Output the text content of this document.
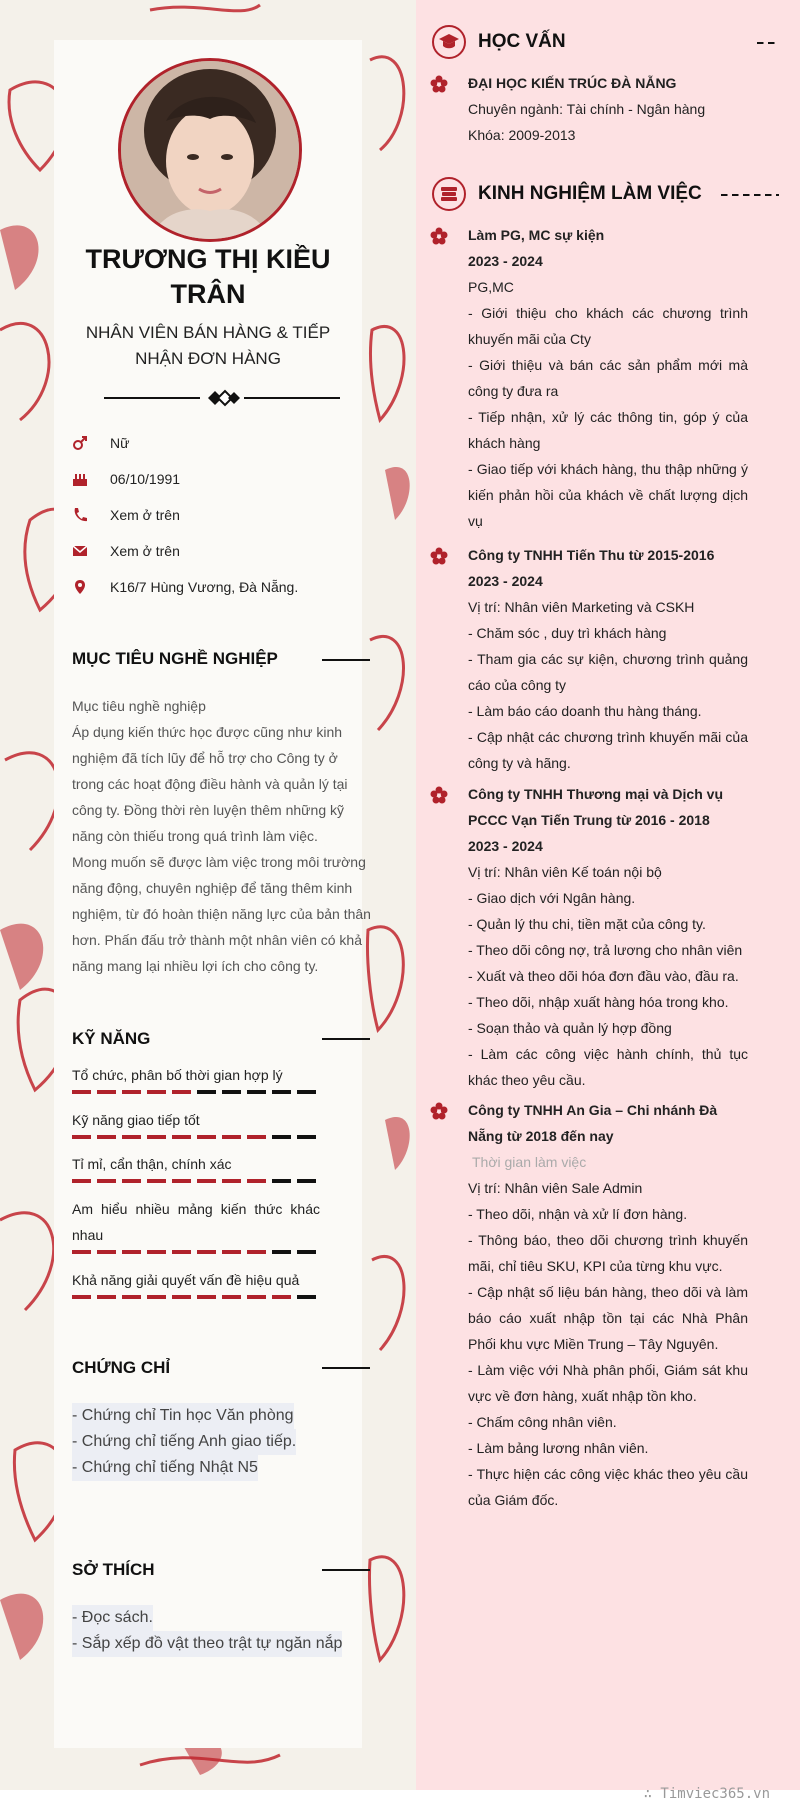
TRƯƠNG THỊ KIỀU TRÂN
NHÂN VIÊN BÁN HÀNG & TIẾP NHẬN ĐƠN HÀNG
Nữ
06/10/1991
Xem ở trên
Xem ở trên
K16/7 Hùng Vương, Đà Nẵng.
MỤC TIÊU NGHỀ NGHIỆP

Mục tiêu nghề nghiệp

Áp dụng kiến thức học được cũng như kinh nghiệm đã tích lũy để hỗ trợ cho Công ty ở trong các hoạt động điều hành và quản lý tại công ty. Đồng thời rèn luyện thêm những kỹ năng còn thiếu trong quá trình làm việc.

Mong muốn sẽ được làm việc trong môi trường năng động, chuyên nghiệp để tăng thêm kinh nghiệm, từ đó hoàn thiện năng lực của bản thân hơn. Phấn đấu trở thành một nhân viên có khả năng mang lại nhiều lợi ích cho công ty.

KỸ NĂNG
Tổ chức, phân bố thời gian hợp lý
Kỹ năng giao tiếp tốt
Tỉ mỉ, cẩn thận, chính xác
Am hiểu nhiều mảng kiến thức khác nhau
Khả năng giải quyết vấn đề hiệu quả
CHỨNG CHỈ
- Chứng chỉ Tin học Văn phòng
- Chứng chỉ tiếng Anh giao tiếp.
- Chứng chỉ tiếng Nhật N5
SỞ THÍCH
- Đọc sách.
- Sắp xếp đồ vật theo trật tự ngăn nắp
HỌC VẤN
ĐẠI HỌC KIẾN TRÚC ĐÀ NẴNG
Chuyên ngành: Tài chính - Ngân hàng
Khóa: 2009-2013
KINH NGHIỆM LÀM VIỆC
Làm PG, MC sự kiện
2023 - 2024
PG,MC
- Giới thiệu cho khách các chương trình khuyến mãi của Cty
- Giới thiệu và bán các sản phẩm mới mà công ty đưa ra
- Tiếp nhận, xử lý các thông tin, góp ý của khách hàng
- Giao tiếp với khách hàng, thu thập những ý kiến phản hồi của khách về chất lượng dịch vụ
Công ty TNHH Tiến Thu từ 2015-2016
2023 - 2024
Vị trí: Nhân viên Marketing và CSKH
- Chăm sóc , duy trì khách hàng
- Tham gia các sự kiện, chương trình quảng cáo của công ty
- Làm báo cáo doanh thu hàng tháng.
- Cập nhật các chương trình khuyến mãi của công ty và hãng.
Công ty TNHH Thương mại và Dịch vụ PCCC Vạn Tiến Trung từ 2016 - 2018
2023 - 2024
Vị trí: Nhân viên Kế toán nội bộ
- Giao dịch với Ngân hàng.
- Quản lý thu chi, tiền mặt của công ty.
- Theo dõi công nợ, trả lương cho nhân viên
- Xuất và theo dõi hóa đơn đầu vào, đầu ra.
- Theo dõi, nhập xuất hàng hóa trong kho.
- Soạn thảo và quản lý hợp đồng
- Làm các công việc hành chính, thủ tục khác theo yêu cầu.
Công ty TNHH An Gia – Chi nhánh Đà Nẵng từ 2018 đến nay
Thời gian làm việc
Vị trí: Nhân viên Sale Admin
- Theo dõi, nhận và xử lí đơn hàng.
- Thông báo, theo dõi chương trình khuyến mãi, chỉ tiêu SKU, KPI của từng khu vực.
- Cập nhật số liệu bán hàng, theo dõi và làm báo cáo xuất nhập tồn tại các Nhà Phân Phối khu vực Miền Trung – Tây Nguyên.
- Làm việc với Nhà phân phối, Giám sát khu vực về đơn hàng, xuất nhập tồn kho.
- Chấm công nhân viên.
- Làm bảng lương nhân viên.
- Thực hiện các công việc khác theo yêu cầu của Giám đốc.
∴ Timviec365.vn
